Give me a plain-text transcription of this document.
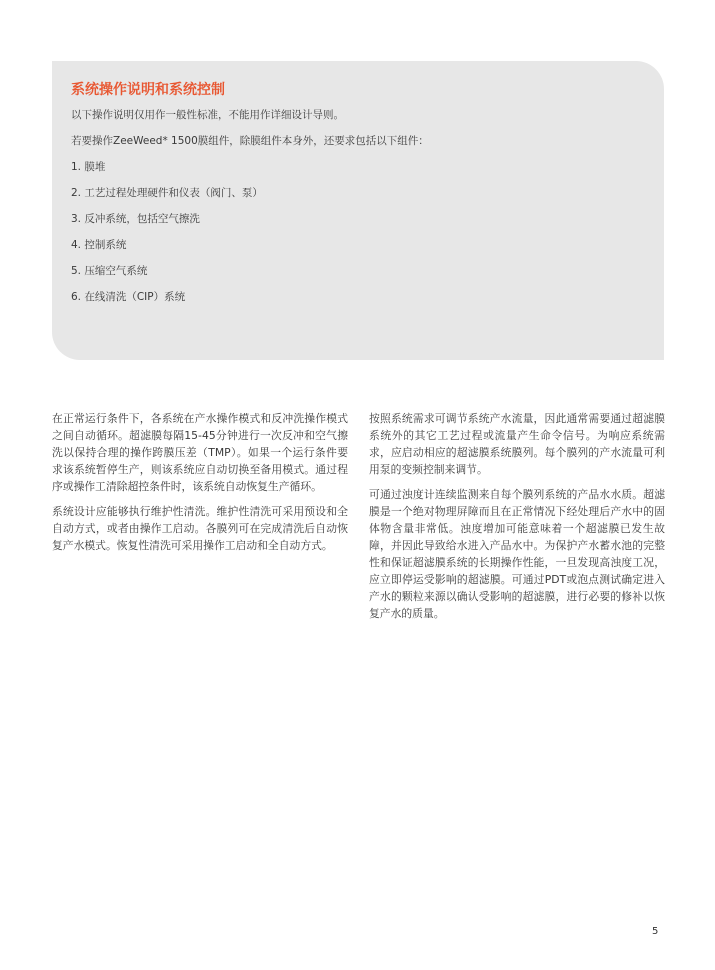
系统操作说明和系统控制

以下操作说明仅用作一般性标准，不能用作详细设计导则。

若要操作ZeeWeed* 1500膜组件，除膜组件本身外，还要求包括以下组件：

1. 膜堆
2. 工艺过程处理硬件和仪表（阀门、泵）
3. 反冲系统，包括空气擦洗
4. 控制系统
5. 压缩空气系统
6. 在线清洗（CIP）系统

在正常运行条件下，各系统在产水操作模式和反冲洗操作模式之间自动循环。超滤膜每隔15-45分钟进行一次反冲和空气擦洗以保持合理的操作跨膜压差（TMP）。如果一个运行条件要求该系统暂停生产，则该系统应自动切换至备用模式。通过程序或操作工清除超控条件时，该系统自动恢复生产循环。

系统设计应能够执行维护性清洗。维护性清洗可采用预设和全自动方式，或者由操作工启动。各膜列可在完成清洗后自动恢复产水模式。恢复性清洗可采用操作工启动和全自动方式。

按照系统需求可调节系统产水流量，因此通常需要通过超滤膜系统外的其它工艺过程或流量产生命令信号。为响应系统需求，应启动相应的超滤膜系统膜列。每个膜列的产水流量可利用泵的变频控制来调节。

可通过浊度计连续监测来自每个膜列系统的产品水水质。超滤膜是一个绝对物理屏障而且在正常情况下经处理后产水中的固体物含量非常低。浊度增加可能意味着一个超滤膜已发生故障，并因此导致给水进入产品水中。为保护产水蓄水池的完整性和保证超滤膜系统的长期操作性能，一旦发现高浊度工况，应立即停运受影响的超滤膜。可通过PDT或泡点测试确定进入产水的颗粒来源以确认受影响的超滤膜，进行必要的修补以恢复产水的质量。

5
